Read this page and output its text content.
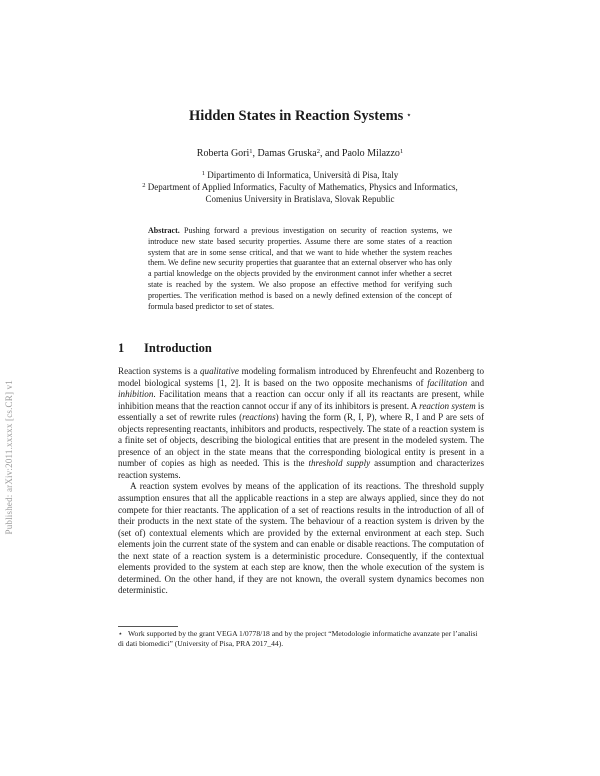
Published: arXiv:2011.xxxxx [cs.CR] v1
Hidden States in Reaction Systems ⋆
Roberta Gori$^1$, Damas Gruska$^2$, and Paolo Milazzo$^1$
$^1$ Dipartimento di Informatica, Università di Pisa, Italy
$^2$ Department of Applied Informatics, Faculty of Mathematics, Physics and Informatics,
Comenius University in Bratislava, Slovak Republic
Abstract. Pushing forward a previous investigation on security of reaction systems, we introduce new state based security properties. Assume there are some states of a reaction system that are in some sense critical, and that we want to hide whether the system reaches them. We define new security properties that guarantee that an external observer who has only a partial knowledge on the objects provided by the environment cannot infer whether a secret state is reached by the system. We also propose an effective method for verifying such properties. The verification method is based on a newly defined extension of the concept of formula based predictor to set of states.
1 Introduction

Reaction systems is a qualitative modeling formalism introduced by Ehrenfeucht and Rozenberg to model biological systems [1, 2]. It is based on the two opposite mechanisms of facilitation and inhibition. Facilitation means that a reaction can occur only if all its reactants are present, while inhibition means that the reaction cannot occur if any of its inhibitors is present. A reaction system is essentially a set of rewrite rules (reactions) having the form (R, I, P), where R, I and P are sets of objects representing reactants, inhibitors and products, respectively. The state of a reaction system is a finite set of objects, describing the biological entities that are present in the modeled system. The presence of an object in the state means that the corresponding biological entity is present in a number of copies as high as needed. This is the threshold supply assumption and characterizes reaction systems.

A reaction system evolves by means of the application of its reactions. The threshold supply assumption ensures that all the applicable reactions in a step are always applied, since they do not compete for thier reactants. The application of a set of reactions results in the introduction of all of their products in the next state of the system. The behaviour of a reaction system is driven by the (set of) contextual elements which are provided by the external environment at each step. Such elements join the current state of the system and can enable or disable reactions. The computation of the next state of a reaction system is a deterministic procedure. Consequently, if the contextual elements provided to the system at each step are know, then the whole execution of the system is determined. On the other hand, if they are not known, the overall system dynamics becomes non deterministic.

⋆ Work supported by the grant VEGA 1/0778/18 and by the project “Metodologie informatiche avanzate per l’analisi di dati biomedici” (University of Pisa, PRA 2017_44).
